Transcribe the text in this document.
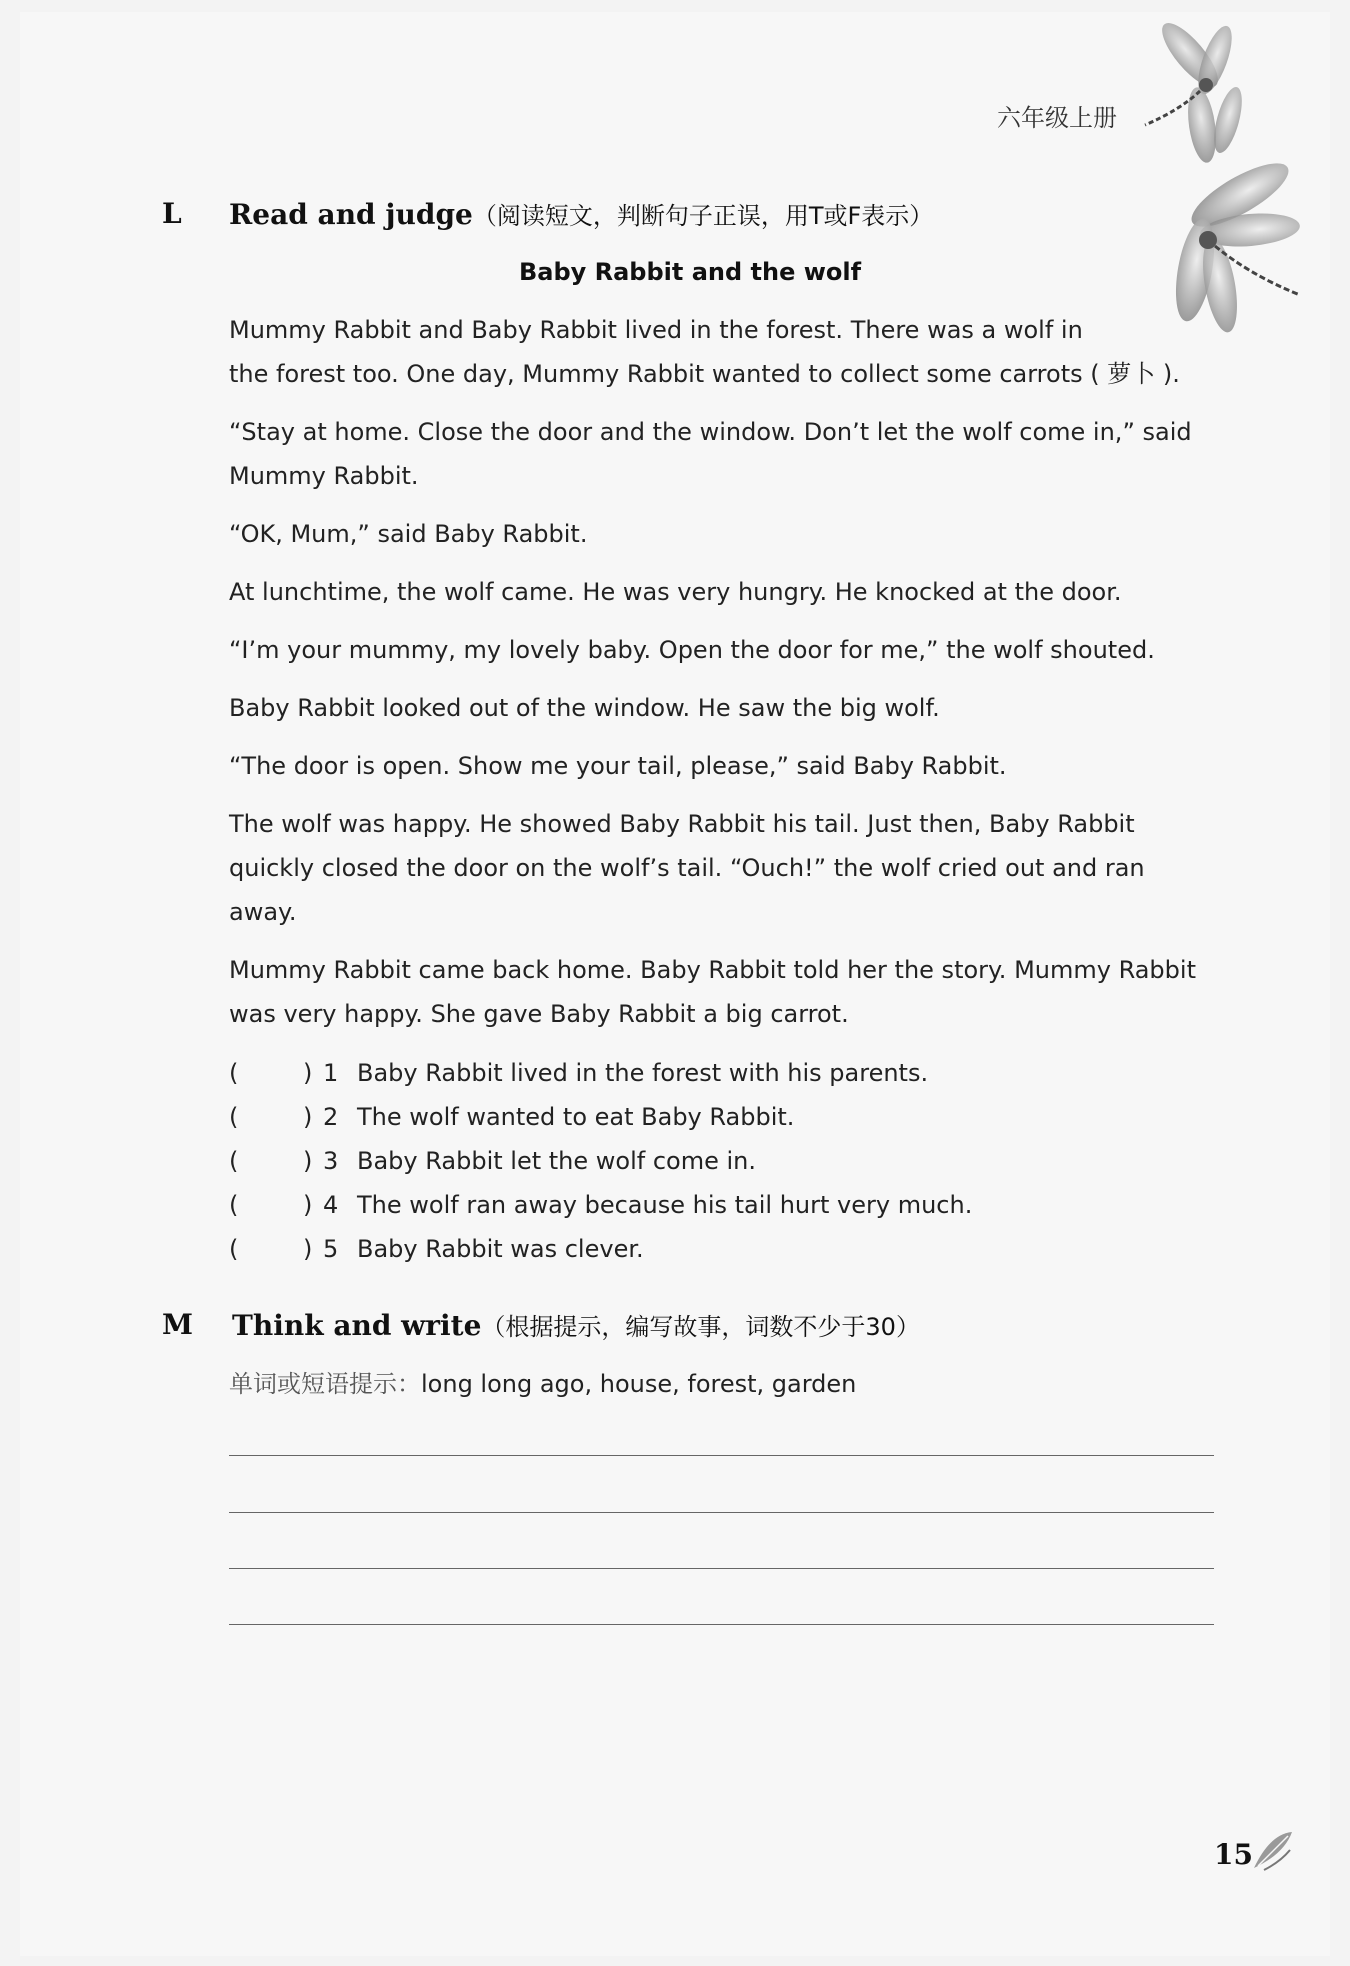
六年级上册
L Read and judge（阅读短文，判断句子正误，用T或F表示）
Baby Rabbit and the wolf
Mummy Rabbit and Baby Rabbit lived in the forest. There was a wolf in
the forest too. One day, Mummy Rabbit wanted to collect some carrots ( 萝卜 ).
“Stay at home. Close the door and the window. Don’t let the wolf come in,” said
Mummy Rabbit.
“OK, Mum,” said Baby Rabbit.
At lunchtime, the wolf came. He was very hungry. He knocked at the door.
“I’m your mummy, my lovely baby. Open the door for me,” the wolf shouted.
Baby Rabbit looked out of the window. He saw the big wolf.
“The door is open. Show me your tail, please,” said Baby Rabbit.
The wolf was happy. He showed Baby Rabbit his tail. Just then, Baby Rabbit
quickly closed the door on the wolf’s tail. “Ouch!” the wolf cried out and ran
away.
Mummy Rabbit came back home. Baby Rabbit told her the story. Mummy Rabbit
was very happy. She gave Baby Rabbit a big carrot.
(	) 1 Baby Rabbit lived in the forest with his parents.
(	) 2 The wolf wanted to eat Baby Rabbit.
(	) 3 Baby Rabbit let the wolf come in.
(	) 4 The wolf ran away because his tail hurt very much.
(	) 5 Baby Rabbit was clever.
M Think and write（根据提示，编写故事，词数不少于30）
单词或短语提示：long long ago, house, forest, garden
15
